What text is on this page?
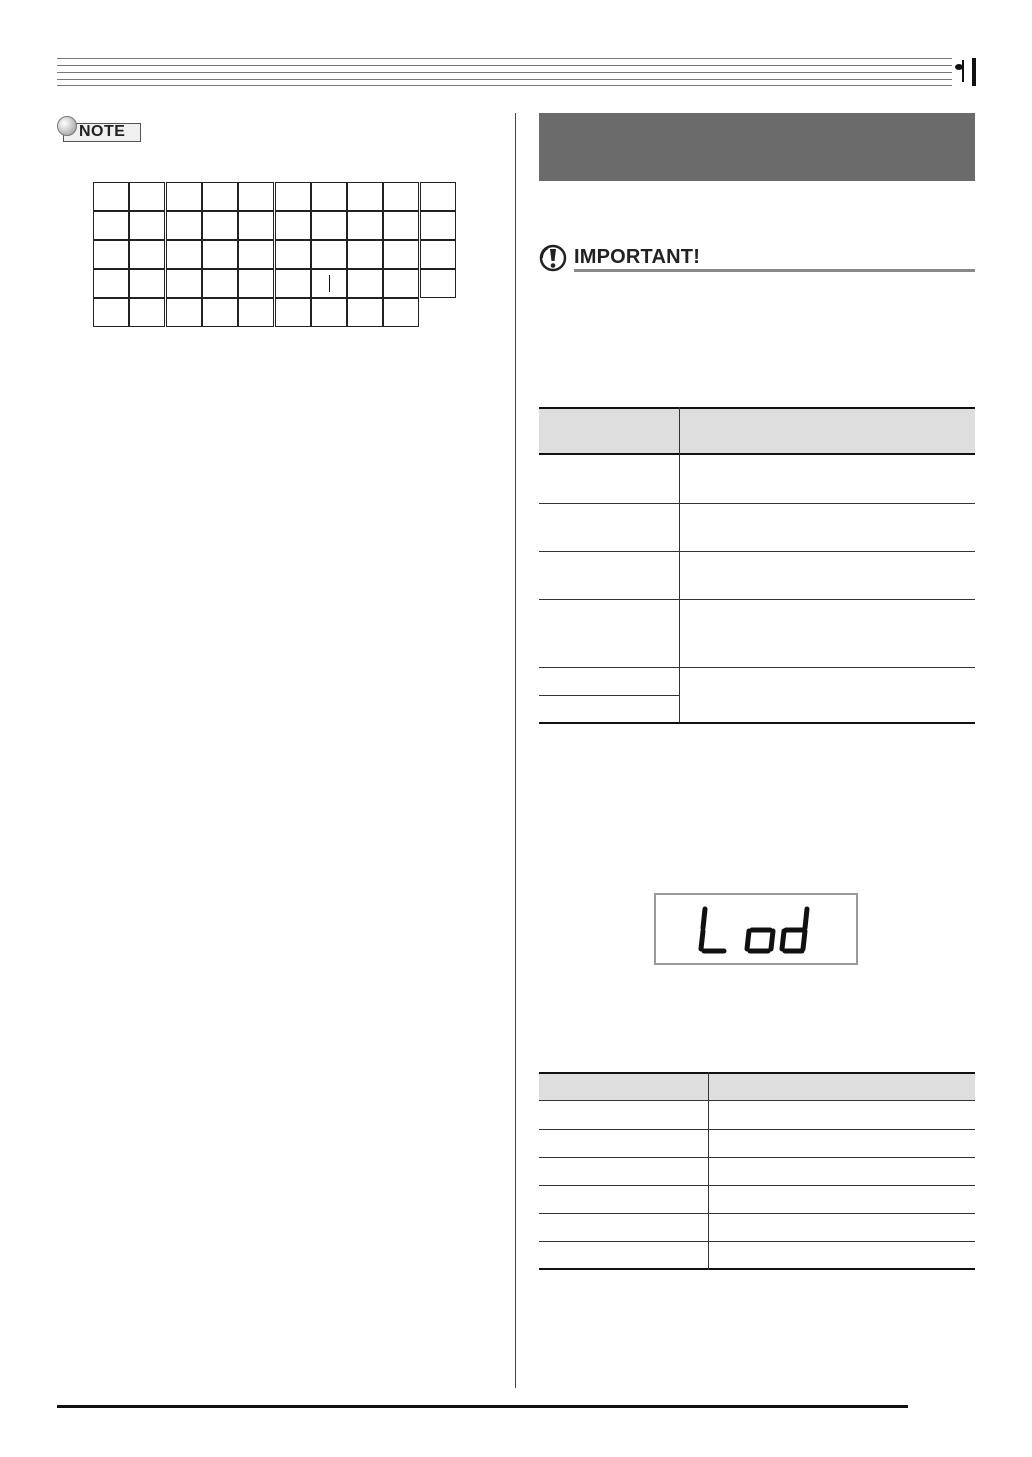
NOTE
IMPORTANT!
